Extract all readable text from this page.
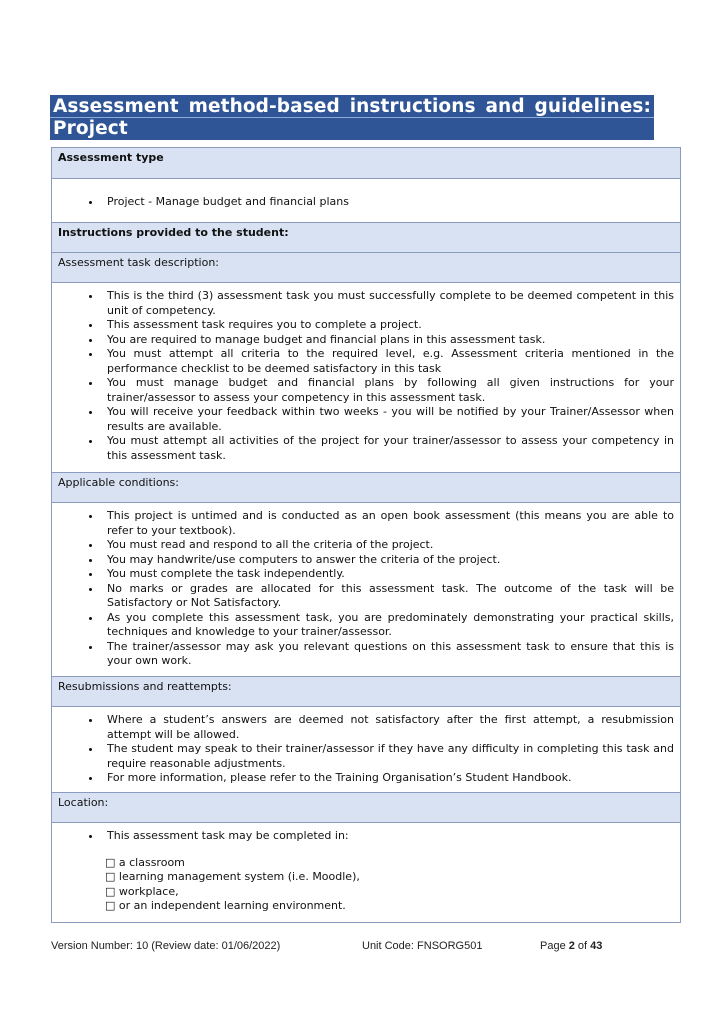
Assessment method-based instructions and guidelines:
Project
Assessment type
• Project - Manage budget and financial plans
Instructions provided to the student:
Assessment task description:
• This is the third (3) assessment task you must successfully complete to be deemed competent in this unit of competency.
• This assessment task requires you to complete a project.
• You are required to manage budget and financial plans in this assessment task.
• You must attempt all criteria to the required level, e.g. Assessment criteria mentioned in the performance checklist to be deemed satisfactory in this task
• You must manage budget and financial plans by following all given instructions for your trainer/assessor to assess your competency in this assessment task.
• You will receive your feedback within two weeks - you will be notified by your Trainer/Assessor when results are available.
• You must attempt all activities of the project for your trainer/assessor to assess your competency in this assessment task.
Applicable conditions:
• This project is untimed and is conducted as an open book assessment (this means you are able to refer to your textbook).
• You must read and respond to all the criteria of the project.
• You may handwrite/use computers to answer the criteria of the project.
• You must complete the task independently.
• No marks or grades are allocated for this assessment task. The outcome of the task will be Satisfactory or Not Satisfactory.
• As you complete this assessment task, you are predominately demonstrating your practical skills, techniques and knowledge to your trainer/assessor.
• The trainer/assessor may ask you relevant questions on this assessment task to ensure that this is your own work.
Resubmissions and reattempts:
• Where a student’s answers are deemed not satisfactory after the first attempt, a resubmission attempt will be allowed.
• The student may speak to their trainer/assessor if they have any difficulty in completing this task and require reasonable adjustments.
• For more information, please refer to the Training Organisation’s Student Handbook.
Location:
• This assessment task may be completed in:
□ a classroom
□ learning management system (i.e. Moodle),
□ workplace,
□ or an independent learning environment.
Version Number: 10 (Review date: 01/06/2022)	Unit Code: FNSORG501	Page 2 of 43
